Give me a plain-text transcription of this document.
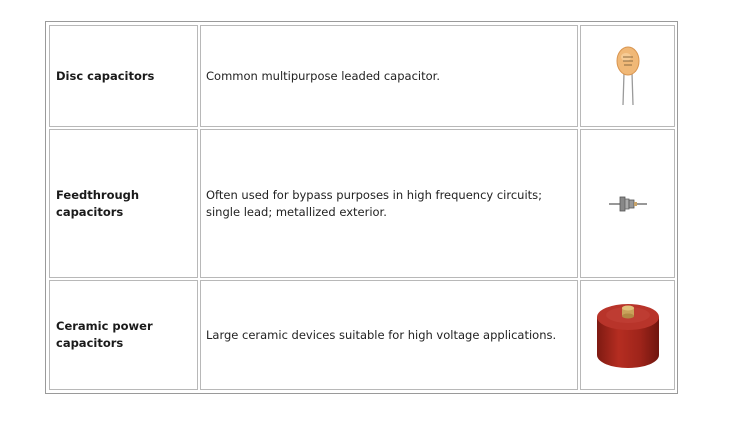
Disc capacitors	Common multipurpose leaded capacitor.
Feedthrough
capacitors
Often used for bypass purposes in high frequency circuits;
single lead; metallized exterior.
Ceramic power
capacitors
Large ceramic devices suitable for high voltage applications.
